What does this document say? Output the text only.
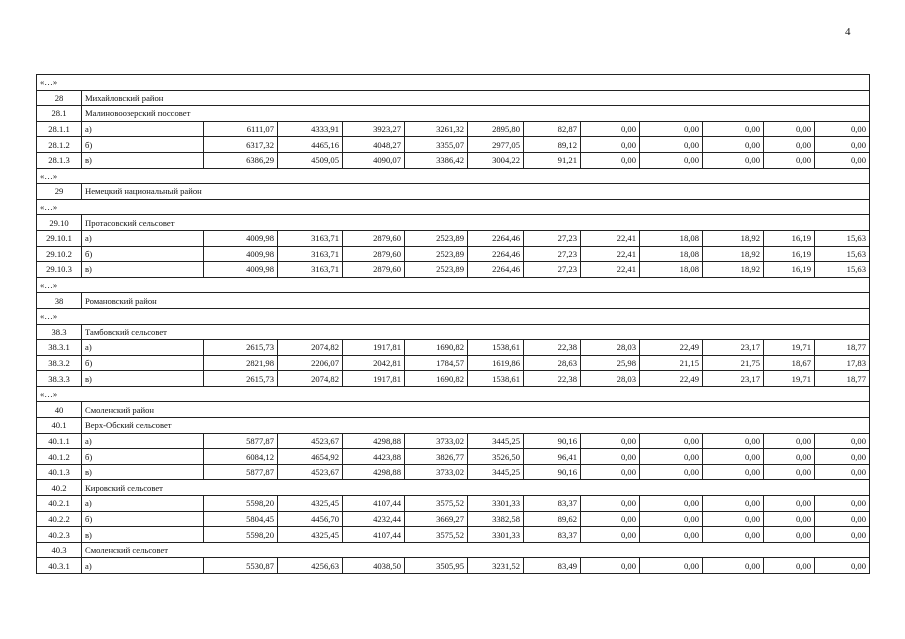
4
«…»												
28	Михайловский район											
28.1	Малиновоозерский поссовет											
28.1.1	а)	6111,07	4333,91	3923,27	3261,32	2895,80	82,87	0,00	0,00	0,00	0,00	0,00
28.1.2	б)	6317,32	4465,16	4048,27	3355,07	2977,05	89,12	0,00	0,00	0,00	0,00	0,00
28.1.3	в)	6386,29	4509,05	4090,07	3386,42	3004,22	91,21	0,00	0,00	0,00	0,00	0,00
«…»												
29	Немецкий национальный район											
«…»												
29.10	Протасовский сельсовет											
29.10.1	а)	4009,98	3163,71	2879,60	2523,89	2264,46	27,23	22,41	18,08	18,92	16,19	15,63
29.10.2	б)	4009,98	3163,71	2879,60	2523,89	2264,46	27,23	22,41	18,08	18,92	16,19	15,63
29.10.3	в)	4009,98	3163,71	2879,60	2523,89	2264,46	27,23	22,41	18,08	18,92	16,19	15,63
«…»												
38	Романовский район											
«…»												
38.3	Тамбовский сельсовет											
38.3.1	а)	2615,73	2074,82	1917,81	1690,82	1538,61	22,38	28,03	22,49	23,17	19,71	18,77
38.3.2	б)	2821,98	2206,07	2042,81	1784,57	1619,86	28,63	25,98	21,15	21,75	18,67	17,83
38.3.3	в)	2615,73	2074,82	1917,81	1690,82	1538,61	22,38	28,03	22,49	23,17	19,71	18,77
«…»												
40	Смоленский район											
40.1	Верх-Обский сельсовет											
40.1.1	а)	5877,87	4523,67	4298,88	3733,02	3445,25	90,16	0,00	0,00	0,00	0,00	0,00
40.1.2	б)	6084,12	4654,92	4423,88	3826,77	3526,50	96,41	0,00	0,00	0,00	0,00	0,00
40.1.3	в)	5877,87	4523,67	4298,88	3733,02	3445,25	90,16	0,00	0,00	0,00	0,00	0,00
40.2	Кировский сельсовет											
40.2.1	а)	5598,20	4325,45	4107,44	3575,52	3301,33	83,37	0,00	0,00	0,00	0,00	0,00
40.2.2	б)	5804,45	4456,70	4232,44	3669,27	3382,58	89,62	0,00	0,00	0,00	0,00	0,00
40.2.3	в)	5598,20	4325,45	4107,44	3575,52	3301,33	83,37	0,00	0,00	0,00	0,00	0,00
40.3	Смоленский сельсовет											
40.3.1	а)	5530,87	4256,63	4038,50	3505,95	3231,52	83,49	0,00	0,00	0,00	0,00	0,00
